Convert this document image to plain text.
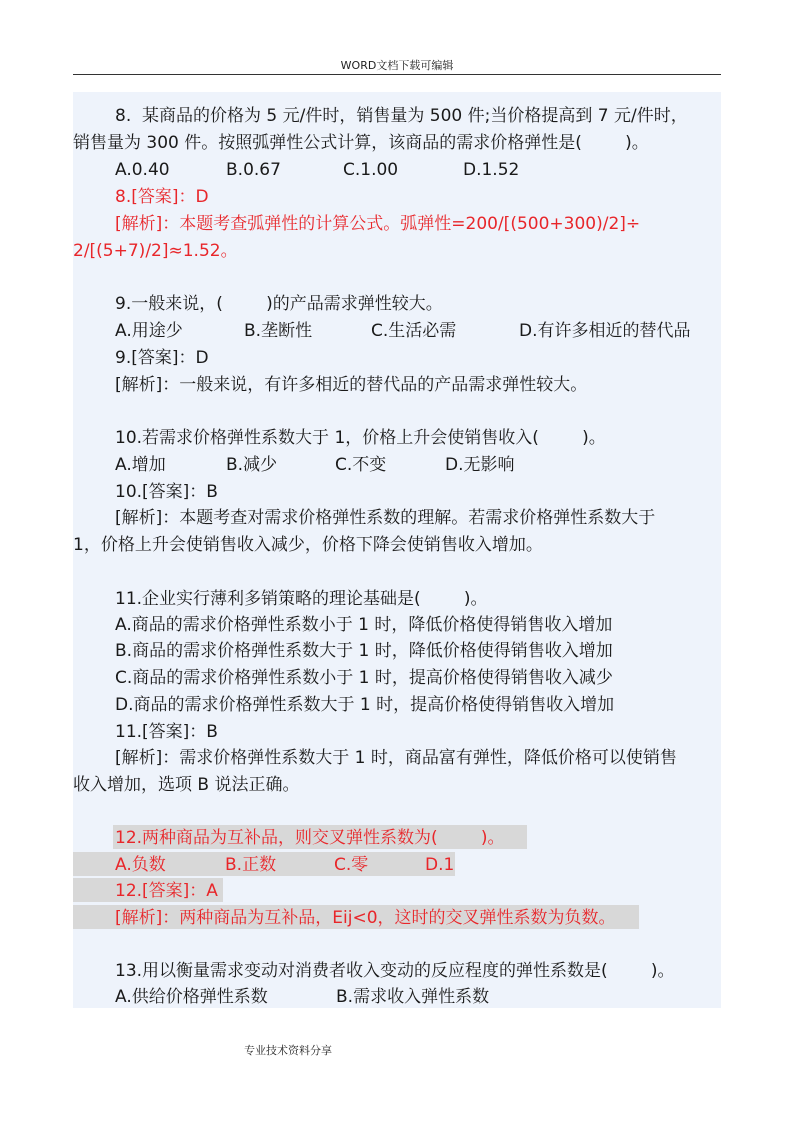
WORD文档下载可编辑
8.  某商品的价格为 5 元/件时，销售量为 500 件;当价格提高到 7 元/件时，
销售量为 300 件。按照弧弹性公式计算，该商品的需求价格弹性是(        )。
A.0.40	B.0.67	C.1.00	D.1.52
8.[答案]：D
[解析]：本题考查弧弹性的计算公式。弧弹性=200/[(500+300)/2]÷
2/[(5+7)/2]≈1.52。
9.一般来说，(        )的产品需求弹性较大。
A.用途少	B.垄断性	C.生活必需	D.有许多相近的替代品
9.[答案]：D
[解析]：一般来说，有许多相近的替代品的产品需求弹性较大。
10.若需求价格弹性系数大于 1，价格上升会使销售收入(        )。
A.增加	B.减少	C.不变	D.无影响
10.[答案]：B
[解析]：本题考查对需求价格弹性系数的理解。若需求价格弹性系数大于
1，价格上升会使销售收入减少，价格下降会使销售收入增加。
11.企业实行薄利多销策略的理论基础是(        )。
A.商品的需求价格弹性系数小于 1 时，降低价格使得销售收入增加
B.商品的需求价格弹性系数大于 1 时，降低价格使得销售收入增加
C.商品的需求价格弹性系数小于 1 时，提高价格使得销售收入减少
D.商品的需求价格弹性系数大于 1 时，提高价格使得销售收入增加
11.[答案]：B
[解析]：需求价格弹性系数大于 1 时，商品富有弹性，降低价格可以使销售
收入增加，选项 B 说法正确。
12.两种商品为互补品，则交叉弹性系数为(        )。
A.负数	B.正数	C.零	D.1
12.[答案]：A
[解析]：两种商品为互补品，Eij<0，这时的交叉弹性系数为负数。
13.用以衡量需求变动对消费者收入变动的反应程度的弹性系数是(        )。
A.供给价格弹性系数	B.需求收入弹性系数
专业技术资料分享
